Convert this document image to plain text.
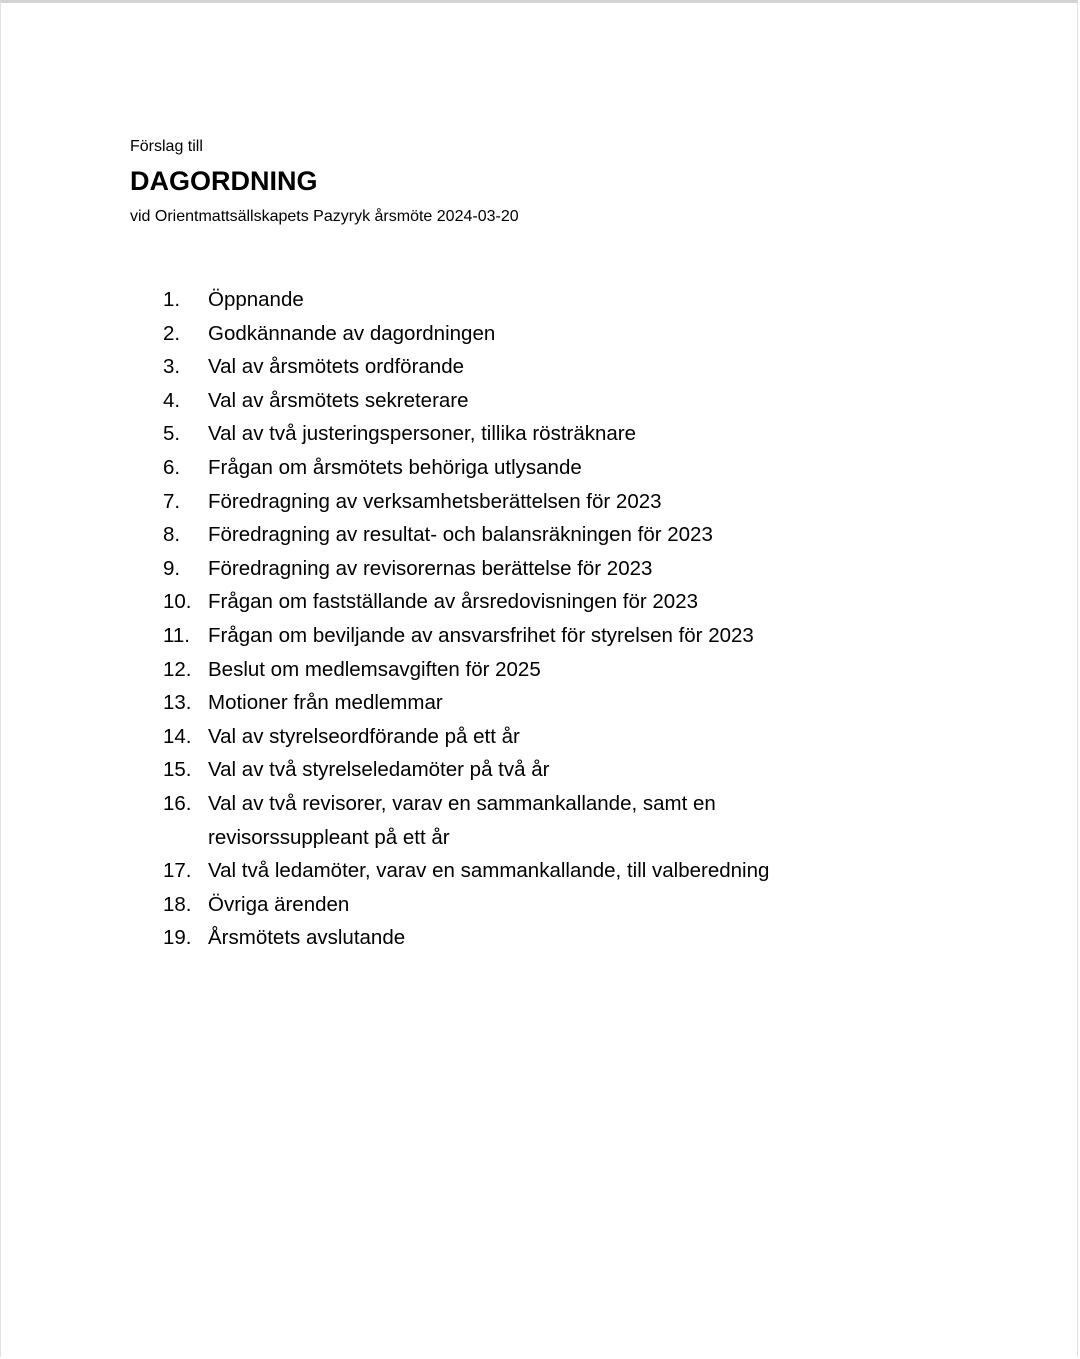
Förslag till
DAGORDNING
vid Orientmattsällskapets Pazyryk årsmöte 2024-03-20
1.	Öppnande
2.	Godkännande av dagordningen
3.	Val av årsmötets ordförande
4.	Val av årsmötets sekreterare
5.	Val av två justeringspersoner, tillika rösträknare
6.	Frågan om årsmötets behöriga utlysande
7.	Föredragning av verksamhetsberättelsen för 2023
8.	Föredragning av resultat- och balansräkningen för 2023
9.	Föredragning av revisorernas berättelse för 2023
10. Frågan om fastställande av årsredovisningen för 2023
11. Frågan om beviljande av ansvarsfrihet för styrelsen för 2023
12. Beslut om medlemsavgiften för 2025
13. Motioner från medlemmar
14. Val av styrelseordförande på ett år
15. Val av två styrelseledamöter på två år
16. Val av två revisorer, varav en sammankallande, samt en revisorssuppleant på ett år
17. Val två ledamöter, varav en sammankallande, till valberedning
18. Övriga ärenden
19. Årsmötets avslutande
